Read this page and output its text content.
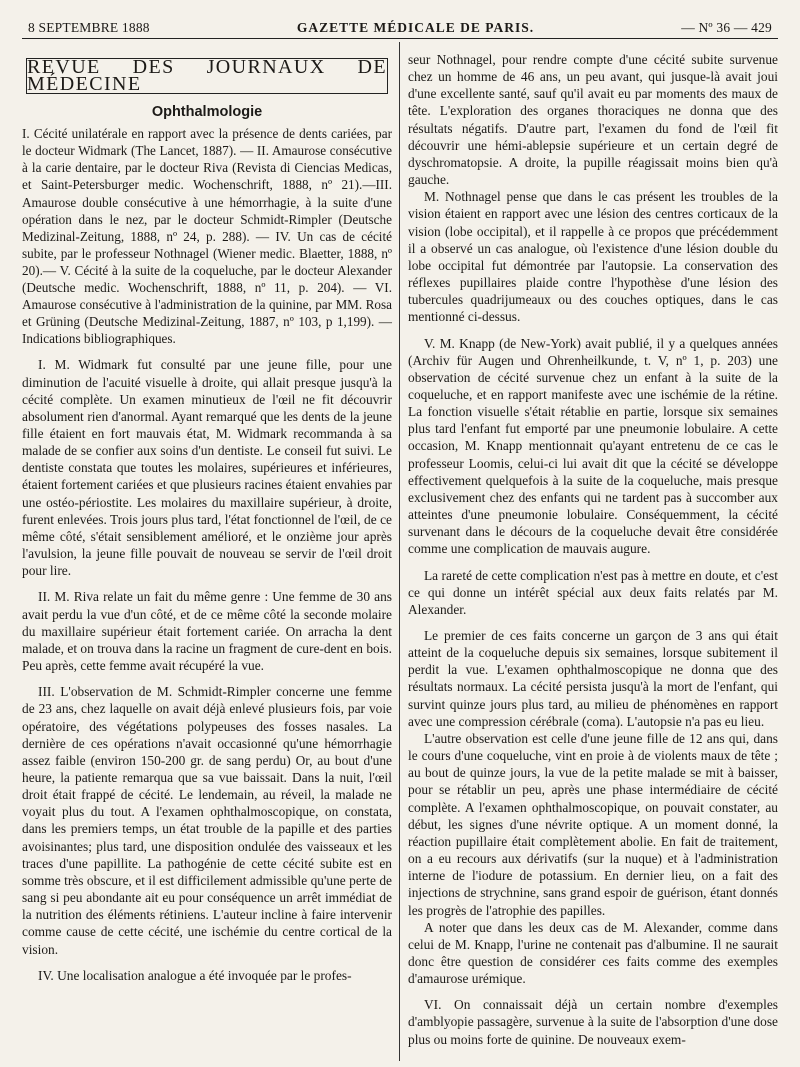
8 SEPTEMBRE 1888	GAZETTE MÉDICALE DE PARIS.	— Nº 36 — 429
REVUE DES JOURNAUX DE MÉDECINE
Ophthalmologie
I. Cécité unilatérale en rapport avec la présence de dents cariées, par le docteur Widmark (The Lancet, 1887). — II. Amaurose consécutive à la carie dentaire, par le docteur Riva (Revista di Ciencias Medicas, et Saint-Petersburger medic. Wochenschrift, 1888, nº 21).—III. Amaurose double consécutive à une hémorrhagie, à la suite d'une opération dans le nez, par le docteur Schmidt-Rimpler (Deutsche Medizinal-Zeitung, 1888, nº 24, p. 288). — IV. Un cas de cécité subite, par le professeur Nothnagel (Wiener medic. Blaetter, 1888, nº 20).— V. Cécité à la suite de la coqueluche, par le docteur Alexander (Deutsche medic. Wochenschrift, 1888, nº 11, p. 204). — VI. Amaurose consécutive à l'administration de la quinine, par MM. Rosa et Grüning (Deutsche Medizinal-Zeitung, 1887, nº 103, p 1,199). — Indications bibliographiques.

I. M. Widmark fut consulté par une jeune fille, pour une diminution de l'acuité visuelle à droite, qui allait presque jusqu'à la cécité complète. Un examen minutieux de l'œil ne fit découvrir absolument rien d'anormal. Ayant remarqué que les dents de la jeune fille étaient en fort mauvais état, M. Widmark recommanda à sa malade de se confier aux soins d'un dentiste. Le conseil fut suivi. Le dentiste constata que toutes les molaires, supérieures et inférieures, étaient fortement cariées et que plusieurs racines étaient envahies par une ostéo-périostite. Les molaires du maxillaire supérieur, à droite, furent enlevées. Trois jours plus tard, l'état fonctionnel de l'œil, de ce même côté, s'était sensiblement amélioré, et le onzième jour après l'avulsion, la jeune fille pouvait de nouveau se servir de l'œil droit pour lire.

II. M. Riva relate un fait du même genre : Une femme de 30 ans avait perdu la vue d'un côté, et de ce même côté la seconde molaire du maxillaire supérieur était fortement cariée. On arracha la dent malade, et on trouva dans la racine un fragment de cure-dent en bois. Peu après, cette femme avait récupéré la vue.

III. L'observation de M. Schmidt-Rimpler concerne une femme de 23 ans, chez laquelle on avait déjà enlevé plusieurs fois, par voie opératoire, des végétations polypeuses des fosses nasales. La dernière de ces opérations n'avait occasionné qu'une hémorrhagie assez faible (environ 150-200 gr. de sang perdu) Or, au bout d'une heure, la patiente remarqua que sa vue baissait. Dans la nuit, l'œil droit était frappé de cécité. Le lendemain, au réveil, la malade ne voyait plus du tout. A l'examen ophthalmoscopique, on constata, dans les premiers temps, un état trouble de la papille et des parties avoisinantes; plus tard, une disposition ondulée des vaisseaux et les traces d'une papillite. La pathogénie de cette cécité subite est en somme très obscure, et il est difficilement admissible qu'une perte de sang si peu abondante ait eu pour conséquence un arrêt immédiat de la nutrition des éléments rétiniens. L'auteur incline à faire intervenir comme cause de cette cécité, une ischémie du centre cortical de la vision.

IV. Une localisation analogue a été invoquée par le profes-

seur Nothnagel, pour rendre compte d'une cécité subite survenue chez un homme de 46 ans, un peu avant, qui jusque-là avait joui d'une excellente santé, sauf qu'il avait eu par moments des maux de tête. L'exploration des organes thoraciques ne donna que des résultats négatifs. D'autre part, l'examen du fond de l'œil fit découvrir une hémi-ablepsie supérieure et un certain degré de dyschromatopsie. A droite, la pupille réagissait moins bien qu'à gauche.

M. Nothnagel pense que dans le cas présent les troubles de la vision étaient en rapport avec une lésion des centres corticaux de la vision (lobe occipital), et il rappelle à ce propos que précédemment il a observé un cas analogue, où l'existence d'une lésion double du lobe occipital fut démontrée par l'autopsie. La conservation des réflexes pupillaires plaide contre l'hypothèse d'une lésion des tubercules quadrijumeaux ou des couches optiques, dans le cas mentionné ci-dessus.

V. M. Knapp (de New-York) avait publié, il y a quelques années (Archiv für Augen und Ohrenheilkunde, t. V, nº 1, p. 203) une observation de cécité survenue chez un enfant à la suite de la coqueluche, et en rapport manifeste avec une ischémie de la rétine. La fonction visuelle s'était rétablie en partie, lorsque six semaines plus tard l'enfant fut emporté par une pneumonie lobulaire. A cette occasion, M. Knapp mentionnait qu'ayant entretenu de ce cas le professeur Loomis, celui-ci lui avait dit que la cécité se développe effectivement quelquefois à la suite de la coqueluche, mais presque exclusivement chez des enfants qui ne tardent pas à succomber aux atteintes d'une pneumonie lobulaire. Conséquemment, la cécité survenant dans le décours de la coqueluche devait être considérée comme une complication de mauvais augure.

La rareté de cette complication n'est pas à mettre en doute, et c'est ce qui donne un intérêt spécial aux deux faits relatés par M. Alexander.

Le premier de ces faits concerne un garçon de 3 ans qui était atteint de la coqueluche depuis six semaines, lorsque subitement il perdit la vue. L'examen ophthalmoscopique ne donna que des résultats normaux. La cécité persista jusqu'à la mort de l'enfant, qui survint quinze jours plus tard, au milieu de phénomènes en rapport avec une compression cérébrale (coma). L'autopsie n'a pas eu lieu.

L'autre observation est celle d'une jeune fille de 12 ans qui, dans le cours d'une coqueluche, vint en proie à de violents maux de tête ; au bout de quinze jours, la vue de la petite malade se mit à baisser, pour se rétablir un peu, après une phase intermédiaire de cécité complète. A l'examen ophthalmoscopique, on pouvait constater, au début, les signes d'une névrite optique. A un moment donné, la réaction pupillaire était complètement abolie. En fait de traitement, on a eu recours aux dérivatifs (sur la nuque) et à l'administration interne de l'iodure de potassium. En dernier lieu, on a fait des injections de strychnine, sans grand espoir de guérison, étant donnés les progrès de l'atrophie des papilles.

A noter que dans les deux cas de M. Alexander, comme dans celui de M. Knapp, l'urine ne contenait pas d'albumine. Il ne saurait donc être question de considérer ces faits comme des exemples d'amaurose urémique.

VI. On connaissait déjà un certain nombre d'exemples d'amblyopie passagère, survenue à la suite de l'absorption d'une dose plus ou moins forte de quinine. De nouveaux exem-
